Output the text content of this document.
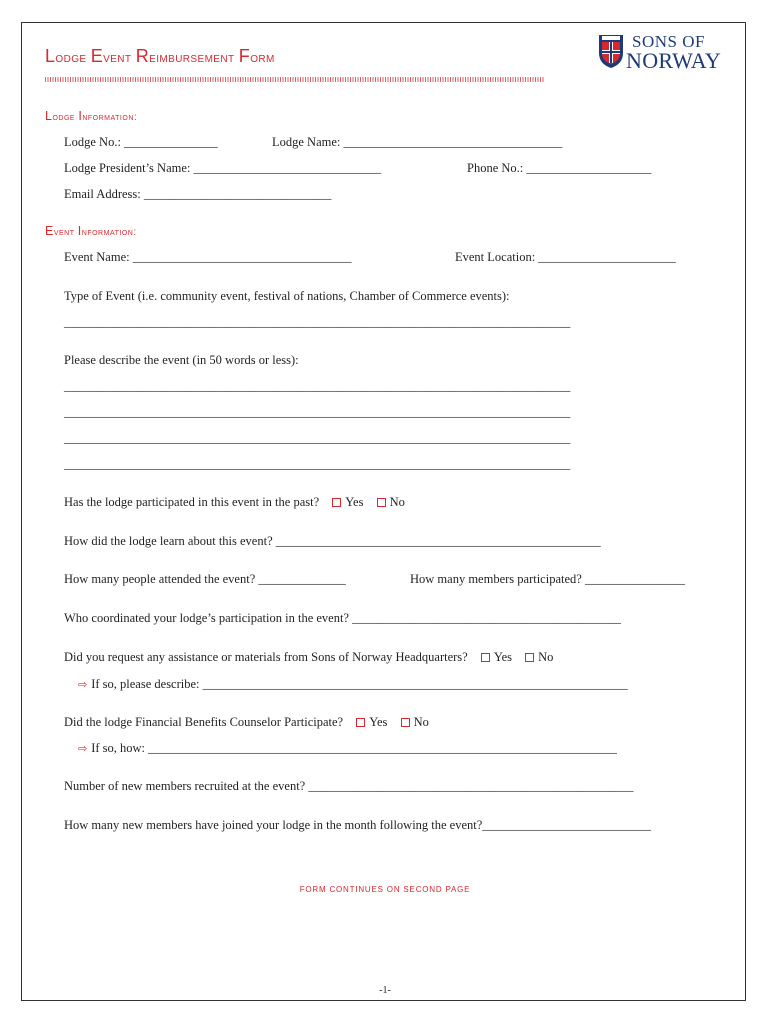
Lodge Event Reimbursement Form
SONS OF
NORWAY
Lodge Information:
Lodge No.: _______________	Lodge Name: ___________________________________
Lodge President’s Name: ______________________________	Phone No.: ____________________
Email Address: ______________________________
Event Information:
Event Name: ___________________________________	Event Location: ______________________
Type of Event (i.e. community event, festival of nations, Chamber of Commerce events):
_________________________________________________________________________________
Please describe the event (in 50 words or less):
_________________________________________________________________________________
_________________________________________________________________________________
_________________________________________________________________________________
_________________________________________________________________________________
Has the lodge participated in this event in the past? Yes No
How did the lodge learn about this event? ____________________________________________________
How many people attended the event? ______________	How many members participated? ________________
Who coordinated your lodge’s participation in the event? ___________________________________________
Did you request any assistance or materials from Sons of Norway Headquarters? Yes No
⇨ If so, please describe: ____________________________________________________________________
Did the lodge Financial Benefits Counselor Participate? Yes No
⇨ If so, how: ___________________________________________________________________________
Number of new members recruited at the event? ____________________________________________________
How many new members have joined your lodge in the month following the event?___________________________
FORM CONTINUES ON SECOND PAGE
-1-
